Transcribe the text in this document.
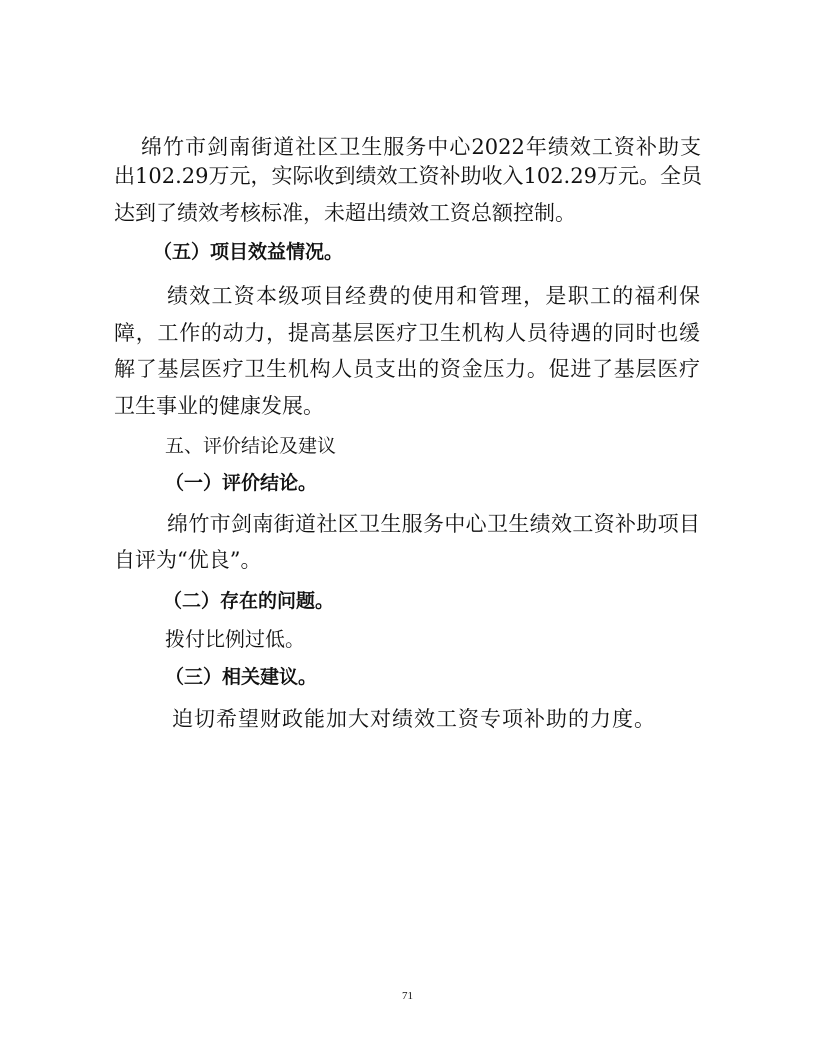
绵竹市剑南街道社区卫生服务中心2022年绩效工资补助支
出102.29万元，实际收到绩效工资补助收入102.29万元。全员
达到了绩效考核标准，未超出绩效工资总额控制。
（五）项目效益情况。
绩效工资本级项目经费的使用和管理，是职工的福利保
障，工作的动力，提高基层医疗卫生机构人员待遇的同时也缓
解了基层医疗卫生机构人员支出的资金压力。促进了基层医疗
卫生事业的健康发展。
五、评价结论及建议
（一）评价结论。
绵竹市剑南街道社区卫生服务中心卫生绩效工资补助项目
自评为“优良”。
（二）存在的问题。
拨付比例过低。
（三）相关建议。
迫切希望财政能加大对绩效工资专项补助的力度。
71
